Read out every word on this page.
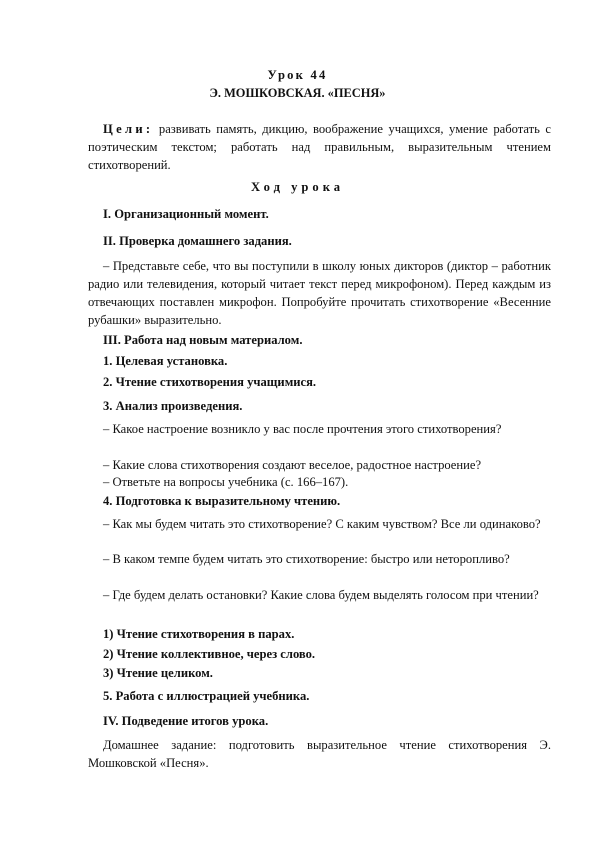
Урок 44
Э. МОШКОВСКАЯ. «ПЕСНЯ»
Цели: развивать память, дикцию, воображение учащихся, умение работать с поэтическим текстом; работать над правильным, выразительным чтением стихотворений.
Ход урока
I. Организационный момент.
II. Проверка домашнего задания.
– Представьте себе, что вы поступили в школу юных дикторов (диктор – работник радио или телевидения, который читает текст перед микрофоном). Перед каждым из отвечающих поставлен микрофон. Попробуйте прочитать стихотворение «Весенние рубашки» выразительно.
III. Работа над новым материалом.
1. Целевая установка.
2. Чтение стихотворения учащимися.
3. Анализ произведения.
– Какое настроение возникло у вас после прочтения этого стихотворения?
– Какие слова стихотворения создают веселое, радостное настроение?
– Ответьте на вопросы учебника (с. 166–167).
4. Подготовка к выразительному чтению.
– Как мы будем читать это стихотворение? С каким чувством? Все ли одинаково?
– В каком темпе будем читать это стихотворение: быстро или неторопливо?
– Где будем делать остановки? Какие слова будем выделять голосом при чтении?
1) Чтение стихотворения в парах.
2) Чтение коллективное, через слово.
3) Чтение целиком.
5. Работа с иллюстрацией учебника.
IV. Подведение итогов урока.
Домашнее задание: подготовить выразительное чтение стихотворения Э. Мошковской «Песня».
